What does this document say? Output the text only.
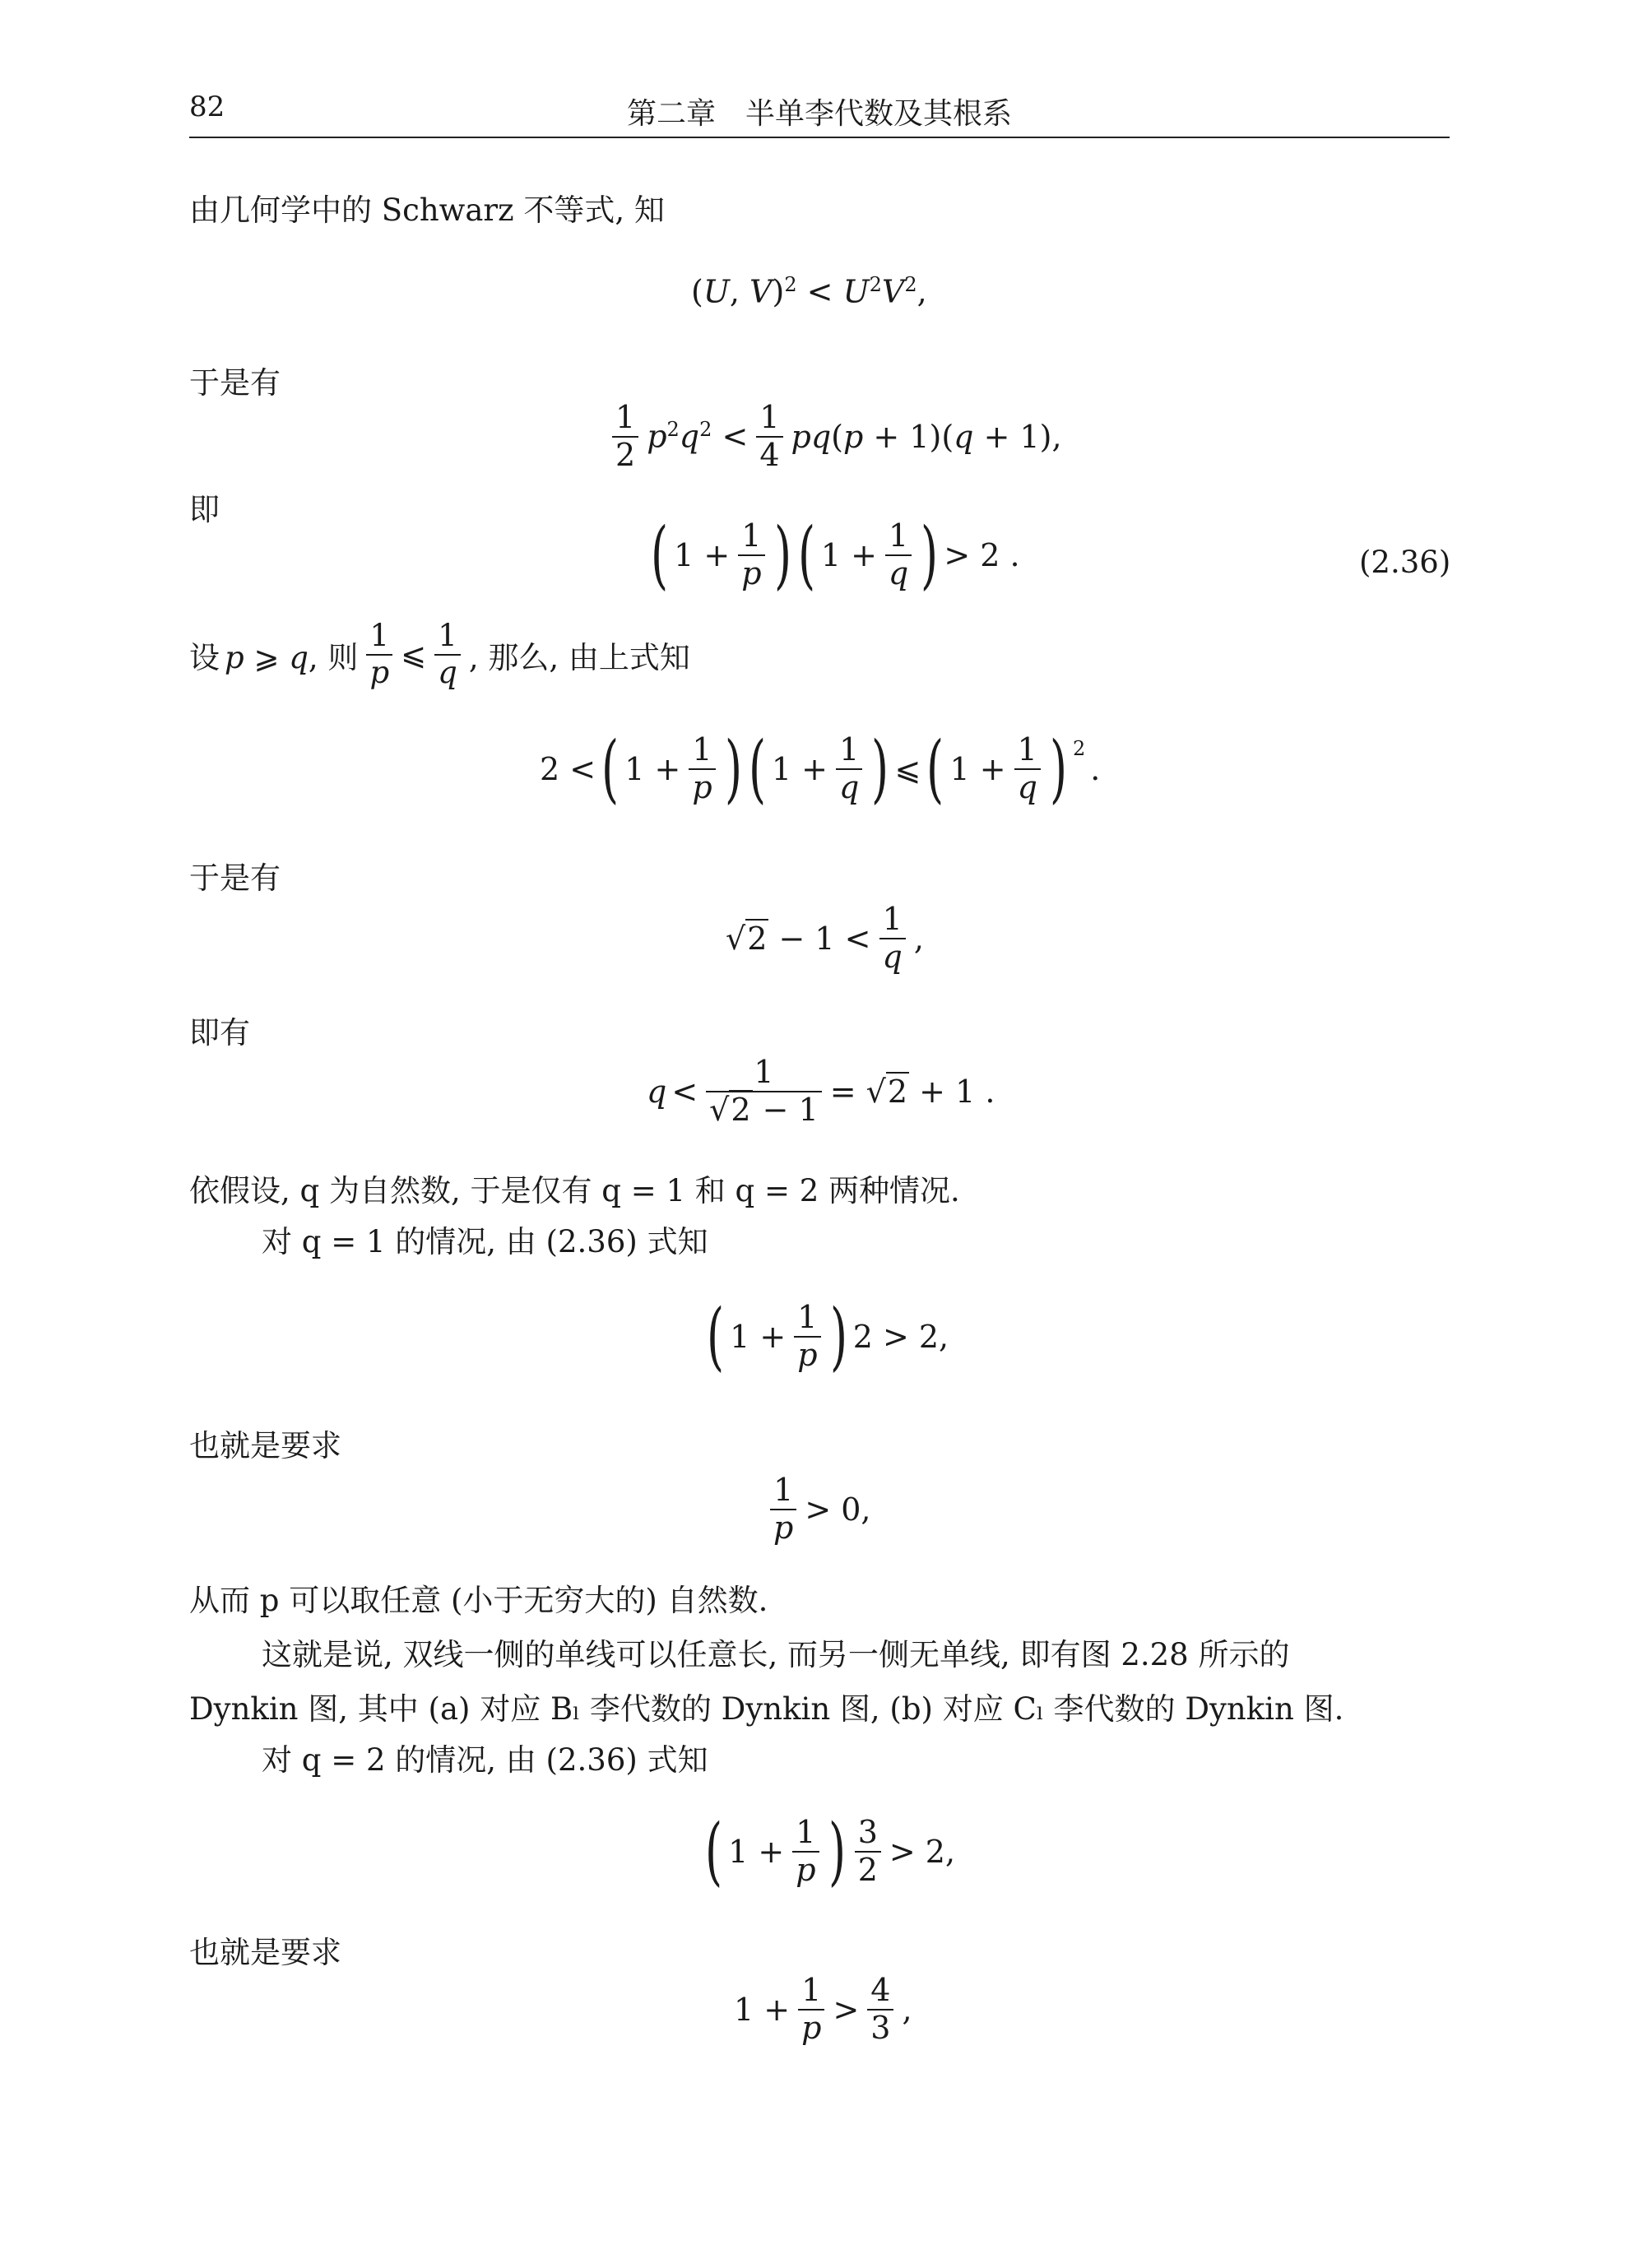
82	第二章　半单李代数及其根系
由几何学中的 Schwarz 不等式, 知
(U, $V)^2 < U^2V^2$,
于是有
$\frac{1}{2} p^2q^2 < \frac{1}{4} pq(p + 1)(q + 1)$,
即
( $1 + \frac{1}{p}$ ) ( $1 + \frac{1}{q}$ ) > 2 .	(2.36)
设 p ⩾ q, 则 $\frac{1}{p}$ ⩽ $\frac{1}{q}$ , 那么, 由上式知
2 < ( $1 + \frac{1}{p}$ ) ( $1 + \frac{1}{q}$ ) ⩽ ( $1 + \frac{1}{q}$ ) 2
.
于是有
$√2 - 1 < \frac{1}{q}$ ,
即有
$q < \frac{1}{√2 - 1} = √2 + 1$ .
依假设, q 为自然数, 于是仅有 q = 1 和 q = 2 两种情况.
对 q = 1 的情况, 由 (2.36) 式知
( $1 + \frac{1}{p}$ ) 2 > 2,
也就是要求
$\frac{1}{p} > 0$,
从而 p 可以取任意 (小于无穷大的) 自然数.
这就是说, 双线一侧的单线可以任意长, 而另一侧无单线, 即有图 2.28 所示的
Dynkin 图, 其中 (a) 对应 Bₗ 李代数的 Dynkin 图, (b) 对应 Cₗ 李代数的 Dynkin 图.
对 q = 2 的情况, 由 (2.36) 式知
( $1 + \frac{1}{p}$ ) $\frac{3}{2} > 2$,
也就是要求
$1 + \frac{1}{p} > \frac{4}{3}$ ,
